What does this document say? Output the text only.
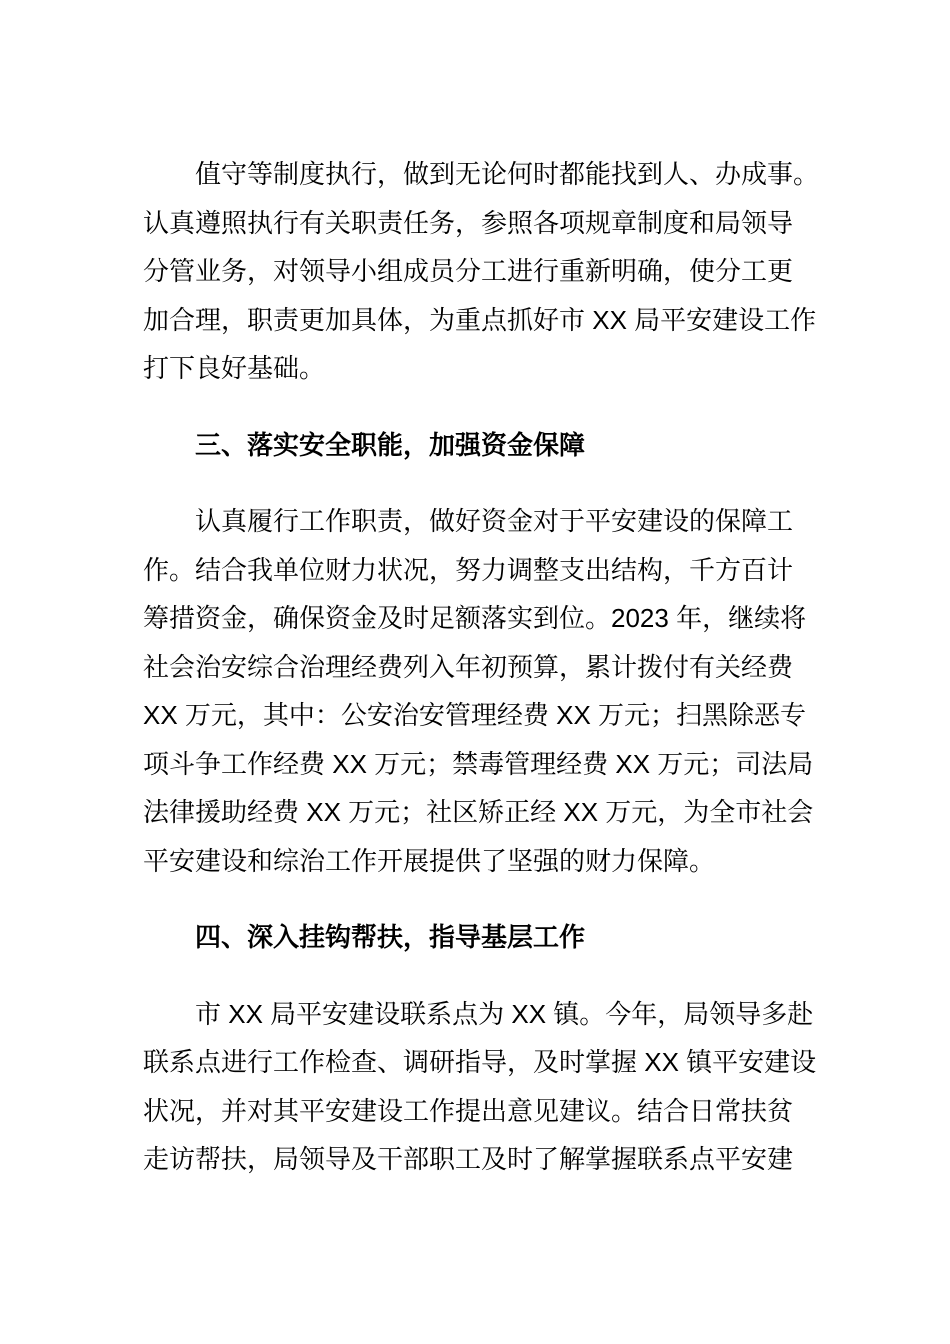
值守等制度执行，做到无论何时都能找到人、办成事。
认真遵照执行有关职责任务，参照各项规章制度和局领导
分管业务，对领导小组成员分工进行重新明确，使分工更
加合理，职责更加具体，为重点抓好市 XX 局平安建设工作
打下良好基础。
三、落实安全职能，加强资金保障
认真履行工作职责，做好资金对于平安建设的保障工
作。结合我单位财力状况，努力调整支出结构，千方百计
筹措资金，确保资金及时足额落实到位。2023 年，继续将
社会治安综合治理经费列入年初预算，累计拨付有关经费
XX 万元，其中：公安治安管理经费 XX 万元；扫黑除恶专
项斗争工作经费 XX 万元；禁毒管理经费 XX 万元；司法局
法律援助经费 XX 万元；社区矫正经 XX 万元，为全市社会
平安建设和综治工作开展提供了坚强的财力保障。
四、深入挂钩帮扶，指导基层工作
市 XX 局平安建设联系点为 XX 镇。今年，局领导多赴
联系点进行工作检查、调研指导，及时掌握 XX 镇平安建设
状况，并对其平安建设工作提出意见建议。结合日常扶贫
走访帮扶，局领导及干部职工及时了解掌握联系点平安建
